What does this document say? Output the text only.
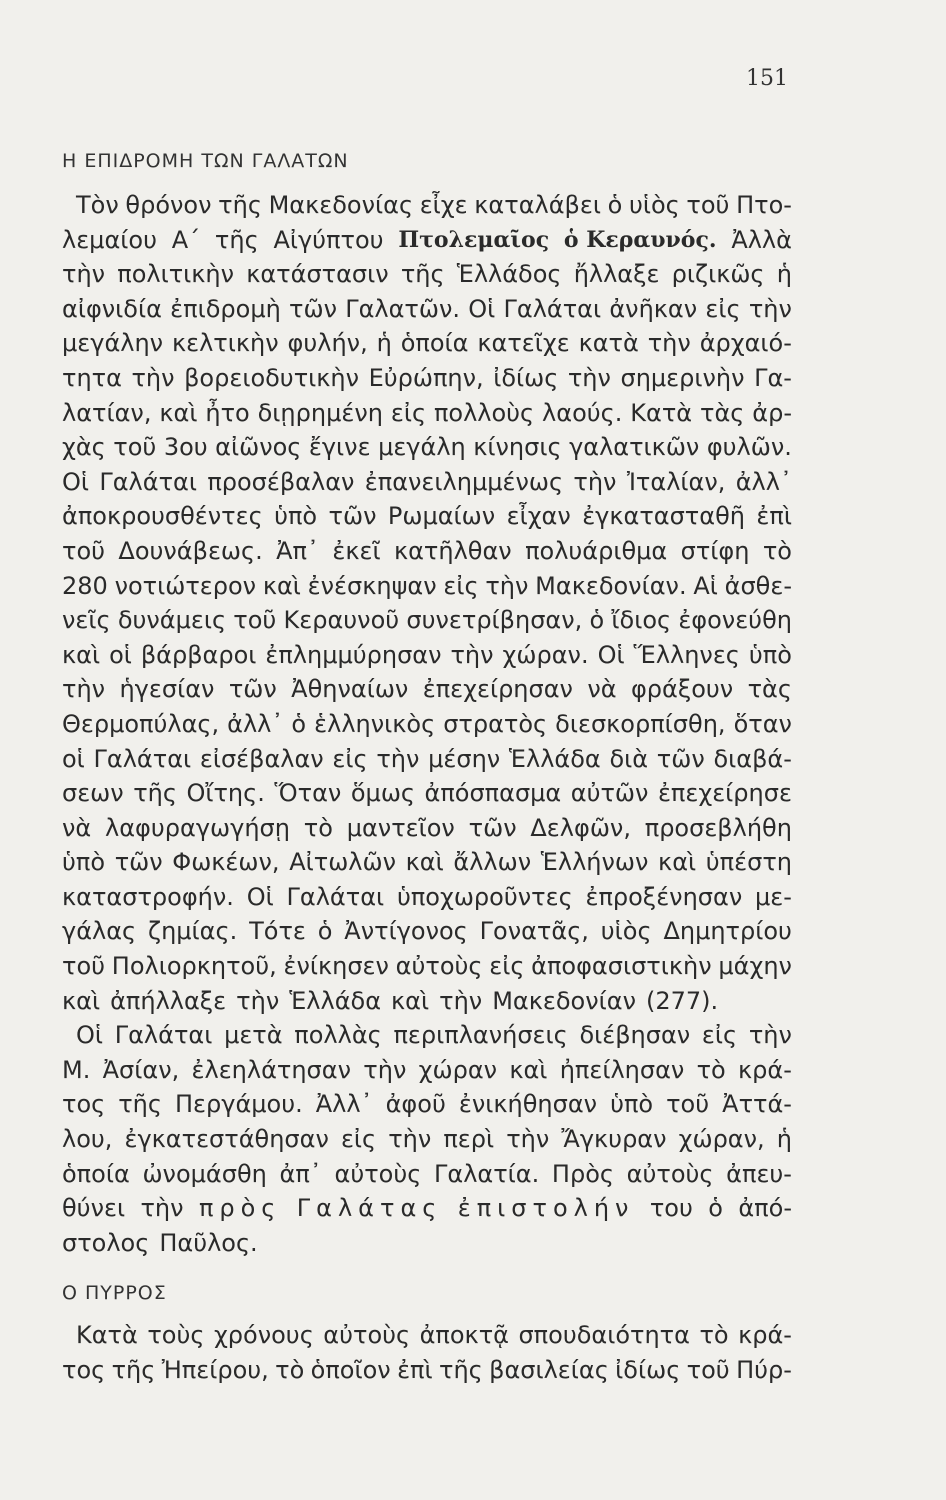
151
Η ΕΠΙΔΡΟΜΗ ΤΩΝ ΓΑΛΑΤΩΝ
Τὸν θρόνον τῆς Μακεδονίας εἶχε καταλάβει ὁ υἱὸς τοῦ Πτο-
λεμαίου Α΄ τῆς Αἰγύπτου Πτολεμαῖος ὁ Κεραυνός. Ἀλλὰ
τὴν πολιτικὴν κατάστασιν τῆς Ἑλλάδος ἤλλαξε ριζικῶς ἡ
αἰφνιδία ἐπιδρομὴ τῶν Γαλατῶν. Οἱ Γαλάται ἀνῆκαν εἰς τὴν
μεγάλην κελτικὴν φυλήν, ἡ ὁποία κατεῖχε κατὰ τὴν ἀρχαιό-
τητα τὴν βορειοδυτικὴν Εὐρώπην, ἰδίως τὴν σημερινὴν Γα-
λατίαν, καὶ ἦτο διῃρημένη εἰς πολλοὺς λαούς. Κατὰ τὰς ἀρ-
χὰς τοῦ 3ου αἰῶνος ἔγινε μεγάλη κίνησις γαλατικῶν φυλῶν.
Οἱ Γαλάται προσέβαλαν ἐπανειλημμένως τὴν Ἰταλίαν, ἀλλ᾽
ἀποκρουσθέντες ὑπὸ τῶν Ρωμαίων εἶχαν ἐγκατασταθῆ ἐπὶ
τοῦ Δουνάβεως. Ἀπ᾽ ἐκεῖ κατῆλθαν πολυάριθμα στίφη τὸ
280 νοτιώτερον καὶ ἐνέσκηψαν εἰς τὴν Μακεδονίαν. Αἱ ἀσθε-
νεῖς δυνάμεις τοῦ Κεραυνοῦ συνετρίβησαν, ὁ ἴδιος ἐφονεύθη
καὶ οἱ βάρβαροι ἐπλημμύρησαν τὴν χώραν. Οἱ Ἕλληνες ὑπὸ
τὴν ἡγεσίαν τῶν Ἀθηναίων ἐπεχείρησαν νὰ φράξουν τὰς
Θερμοπύλας, ἀλλ᾽ ὁ ἑλληνικὸς στρατὸς διεσκορπίσθη, ὅταν
οἱ Γαλάται εἰσέβαλαν εἰς τὴν μέσην Ἑλλάδα διὰ τῶν διαβά-
σεων τῆς Οἴτης. Ὅταν ὅμως ἀπόσπασμα αὐτῶν ἐπεχείρησε
νὰ λαφυραγωγήσῃ τὸ μαντεῖον τῶν Δελφῶν, προσεβλήθη
ὑπὸ τῶν Φωκέων, Αἰτωλῶν καὶ ἄλλων Ἑλλήνων καὶ ὑπέστη
καταστροφήν. Οἱ Γαλάται ὑποχωροῦντες ἐπροξένησαν με-
γάλας ζημίας. Τότε ὁ Ἀντίγονος Γονατᾶς, υἱὸς Δημητρίου
τοῦ Πολιορκητοῦ, ἐνίκησεν αὐτοὺς εἰς ἀποφασιστικὴν μάχην
καὶ ἀπήλλαξε τὴν Ἑλλάδα καὶ τὴν Μακεδονίαν (277).
Οἱ Γαλάται μετὰ πολλὰς περιπλανήσεις διέβησαν εἰς τὴν
Μ. Ἀσίαν, ἐλεηλάτησαν τὴν χώραν καὶ ἠπείλησαν τὸ κρά-
τος τῆς Περγάμου. Ἀλλ᾽ ἀφοῦ ἐνικήθησαν ὑπὸ τοῦ Ἀττά-
λου, ἐγκατεστάθησαν εἰς τὴν περὶ τὴν Ἄγκυραν χώραν, ἡ
ὁποία ὠνομάσθη ἀπ᾽ αὐτοὺς Γαλατία. Πρὸς αὐτοὺς ἀπευ-
θύνει τὴν πρὸς Γαλάτας ἐπιστολήν του ὁ ἀπό-
στολος Παῦλος.
Ο ΠΥΡΡΟΣ
Κατὰ τοὺς χρόνους αὐτοὺς ἀποκτᾷ σπουδαιότητα τὸ κρά-
τος τῆς Ἠπείρου, τὸ ὁποῖον ἐπὶ τῆς βασιλείας ἰδίως τοῦ Πύρ-
